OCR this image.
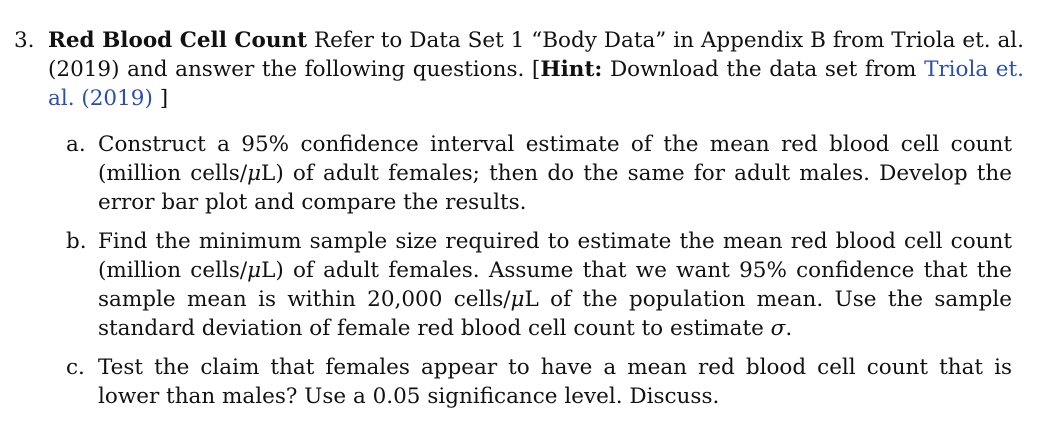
3. Red Blood Cell Count Refer to Data Set 1 “Body Data” in Appendix B from Triola et. al. (2019) and answer the following questions. [Hint: Download the data set from Triola et. al. (2019) ]
a. Construct a 95% confidence interval estimate of the mean red blood cell count (million cells/μL) of adult females; then do the same for adult males. Develop the error bar plot and compare the results.
b. Find the minimum sample size required to estimate the mean red blood cell count (million cells/μL) of adult females. Assume that we want 95% confidence that the sample mean is within 20,000 cells/μL of the population mean. Use the sample standard deviation of female red blood cell count to estimate σ.
c. Test the claim that females appear to have a mean red blood cell count that is lower than males? Use a 0.05 significance level. Discuss.
